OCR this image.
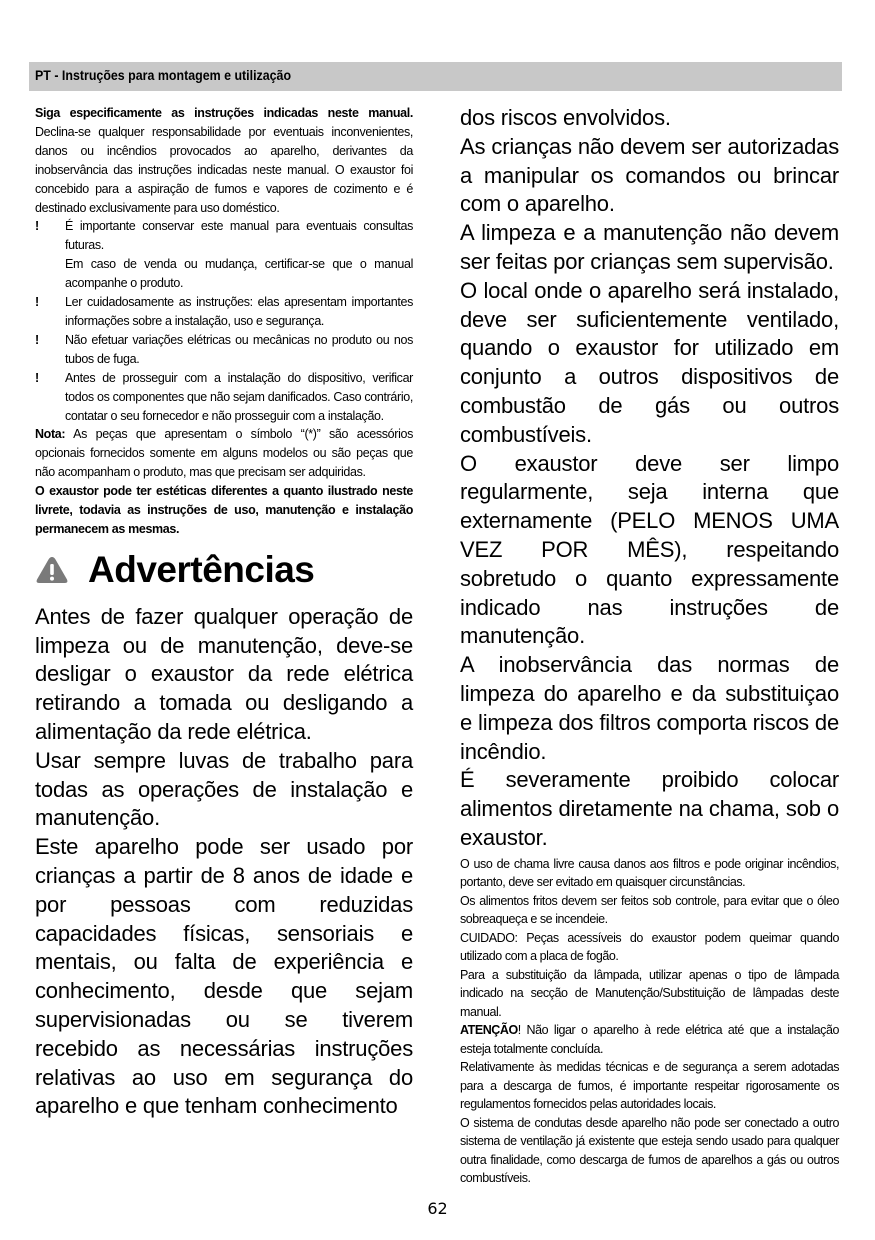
PT - Instruções para montagem e utilização

Siga especificamente as instruções indicadas neste manual. Declina-se qualquer responsabilidade por eventuais inconvenientes, danos ou incêndios provocados ao aparelho, derivantes da inobservância das instruções indicadas neste manual. O exaustor foi concebido para a aspiração de fumos e vapores de cozimento e é destinado exclusivamente para uso doméstico.

! É importante conservar este manual para eventuais consultas futuras.
Em caso de venda ou mudança, certificar-se que o manual acompanhe o produto.
! Ler cuidadosamente as instruções: elas apresentam importantes informações sobre a instalação, uso e segurança.
! Não efetuar variações elétricas ou mecânicas no produto ou nos tubos de fuga.
! Antes de prosseguir com a instalação do dispositivo, verificar todos os componentes que não sejam danificados. Caso contrário, contatar o seu fornecedor e não prosseguir com a instalação.

Nota: As peças que apresentam o símbolo “(*)” são acessórios opcionais fornecidos somente em alguns modelos ou são peças que não acompanham o produto, mas que precisam ser adquiridas.

O exaustor pode ter estéticas diferentes a quanto ilustrado neste livrete, todavia as instruções de uso, manutenção e instalação permanecem as mesmas.

Advertências

Antes de fazer qualquer operação de limpeza ou de manutenção, deve-se desligar o exaustor da rede elétrica retirando a tomada ou desligando a alimentação da rede elétrica.

Usar sempre luvas de trabalho para todas as operações de instalação e manutenção.

Este aparelho pode ser usado por crianças a partir de 8 anos de idade e por pessoas com reduzidas capacidades físicas, sensoriais e mentais, ou falta de experiência e conhecimento, desde que sejam supervisionadas ou se tiverem recebido as necessárias instruções relativas ao uso em segurança do aparelho e que tenham conhecimento

dos riscos envolvidos.

As crianças não devem ser autorizadas a manipular os comandos ou brincar com o aparelho.

A limpeza e a manutenção não devem ser feitas por crianças sem supervisão.

O local onde o aparelho será instalado, deve ser suficientemente ventilado, quando o exaustor for utilizado em conjunto a outros dispositivos de combustão de gás ou outros combustíveis.

O exaustor deve ser limpo regularmente, seja interna que externamente (PELO MENOS UMA VEZ POR MÊS), respeitando sobretudo o quanto expressamente indicado nas instruções de manutenção.

A inobservância das normas de limpeza do aparelho e da substituiçao e limpeza dos filtros comporta riscos de incêndio.

É severamente proibido colocar alimentos diretamente na chama, sob o exaustor.

O uso de chama livre causa danos aos filtros e pode originar incêndios, portanto, deve ser evitado em quaisquer circunstâncias.

Os alimentos fritos devem ser feitos sob controle, para evitar que o óleo sobreaqueça e se incendeie.

CUIDADO: Peças acessíveis do exaustor podem queimar quando utilizado com a placa de fogão.

Para a substituição da lâmpada, utilizar apenas o tipo de lâmpada indicado na secção de Manutenção/Substituição de lâmpadas deste manual.

ATENÇÃO! Não ligar o aparelho à rede elétrica até que a instalação esteja totalmente concluída.

Relativamente às medidas técnicas e de segurança a serem adotadas para a descarga de fumos, é importante respeitar rigorosamente os regulamentos fornecidos pelas autoridades locais.

O sistema de condutas desde aparelho não pode ser conectado a outro sistema de ventilação já existente que esteja sendo usado para qualquer outra finalidade, como descarga de fumos de aparelhos a gás ou outros combustíveis.

62
